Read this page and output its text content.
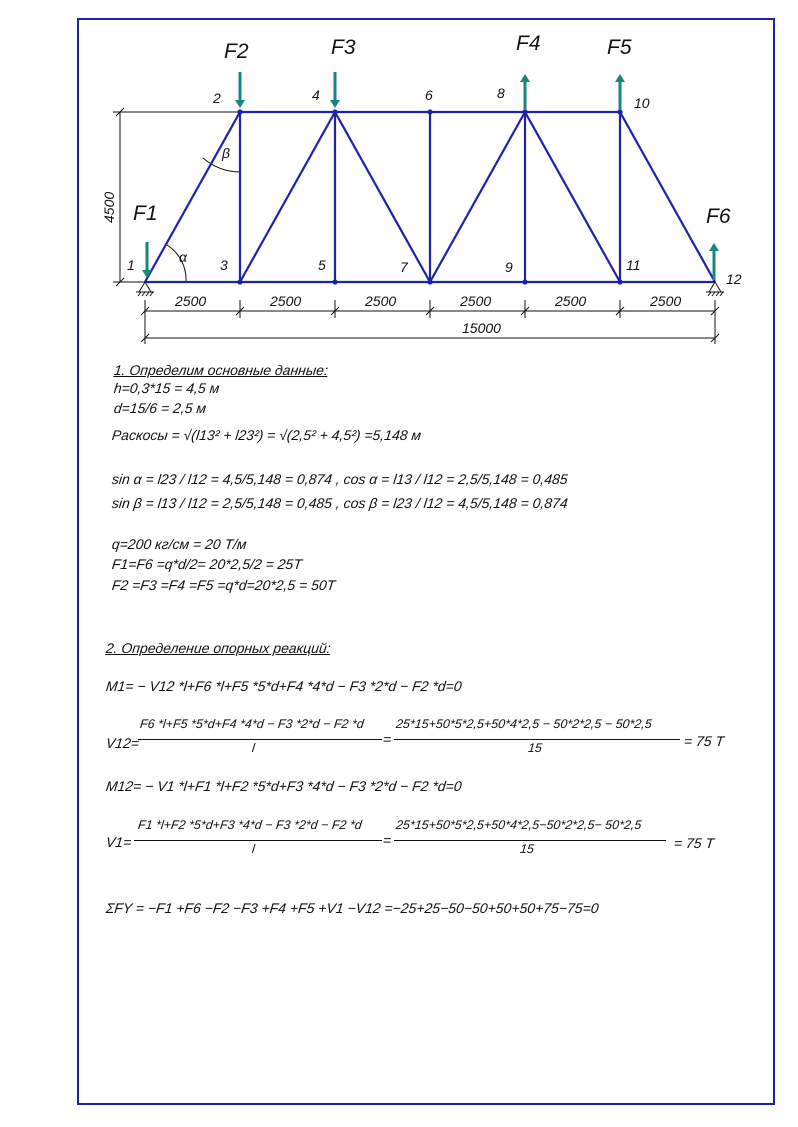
F1
F2	F3	F4	F5
F6
1
2
3
4
5
6
7
8
9
10
11
12
α
β
4500
2500	2500	2500	2500	2500	2500
15000
1. Определим основные данные:
h=0,3*15 = 4,5 м
d=15/6 = 2,5 м
Раскосы = √(l13² + l23²) = √(2,5² + 4,5²) =5,148 м
sin α = l23 / l12 = 4,5/5,148 = 0,874 , cos α = l13 / l12 = 2,5/5,148 = 0,485
sin β = l13 / l12 = 2,5/5,148 = 0,485 , cos β = l23 / l12 = 4,5/5,148 = 0,874
q=200 кг/см = 20 Т/м
F1=F6 =q*d/2= 20*2,5/2 = 25T
F2 =F3 =F4 =F5 =q*d=20*2,5 = 50T
2. Определение опорных реакций:
M1= − V12 *l+F6 *l+F5 *5*d+F4 *4*d − F3 *2*d − F2 *d=0
V12=
F6 *l+F5 *5*d+F4 *4*d − F3 *2*d − F2 *d
l
=
25*15+50*5*2,5+50*4*2,5 − 50*2*2,5 − 50*2,5
15	= 75 T
M12= − V1 *l+F1 *l+F2 *5*d+F3 *4*d − F3 *2*d − F2 *d=0
V1=
F1 *l+F2 *5*d+F3 *4*d − F3 *2*d − F2 *d
l
=
25*15+50*5*2,5+50*4*2,5−50*2*2,5− 50*2,5
15	= 75 T
ΣFY = −F1 +F6 −F2 −F3 +F4 +F5 +V1 −V12 =−25+25−50−50+50+50+75−75=0
